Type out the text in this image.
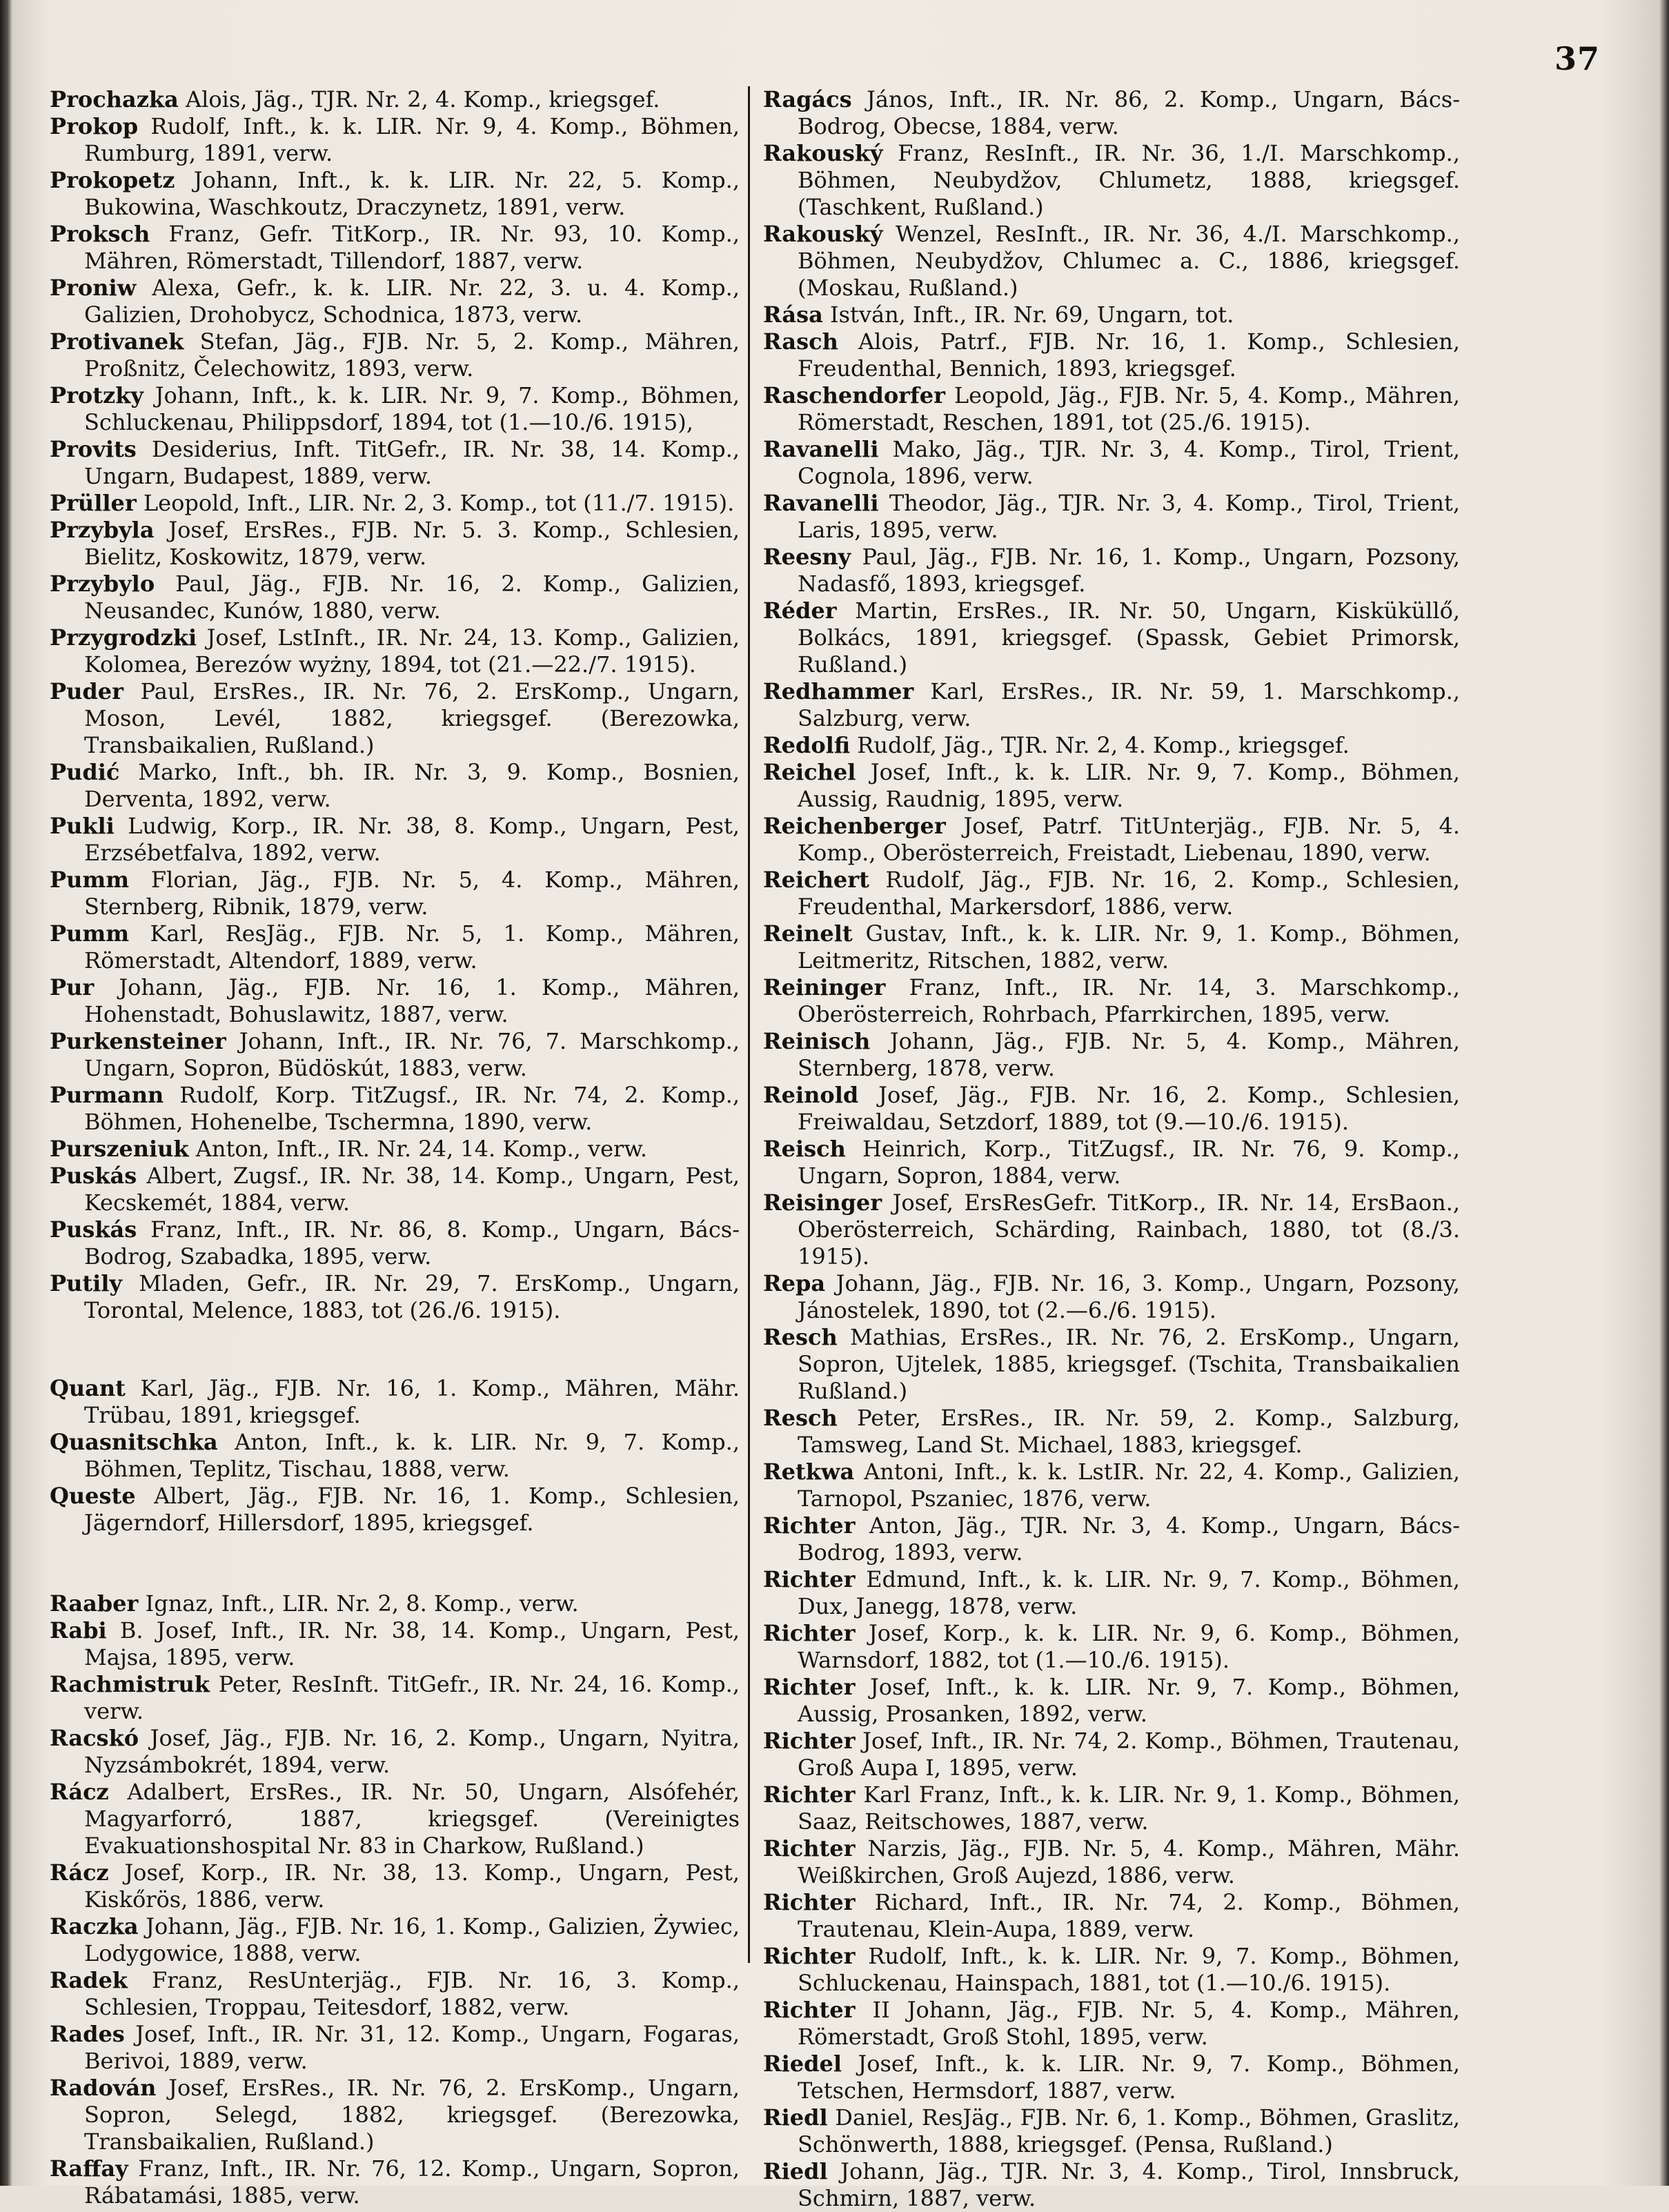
37
Prochazka Alois, Jäg., TJR. Nr. 2, 4. Komp., kriegsgef.
Prokop Rudolf, Inft., k. k. LIR. Nr. 9, 4. Komp., Böhmen, Rumburg, 1891, verw.
Prokopetz Johann, Inft., k. k. LIR. Nr. 22, 5. Komp., Bukowina, Waschkoutz, Draczynetz, 1891, verw.
Proksch Franz, Gefr. TitKorp., IR. Nr. 93, 10. Komp., Mähren, Römerstadt, Tillendorf, 1887, verw.
Proniw Alexa, Gefr., k. k. LIR. Nr. 22, 3. u. 4. Komp., Galizien, Drohobycz, Schodnica, 1873, verw.
Protivanek Stefan, Jäg., FJB. Nr. 5, 2. Komp., Mähren, Proßnitz, Čelechowitz, 1893, verw.
Protzky Johann, Inft., k. k. LIR. Nr. 9, 7. Komp., Böhmen, Schluckenau, Philippsdorf, 1894, tot (1.—10./6. 1915),
Provits Desiderius, Inft. TitGefr., IR. Nr. 38, 14. Komp., Ungarn, Budapest, 1889, verw.
Prüller Leopold, Inft., LIR. Nr. 2, 3. Komp., tot (11./7. 1915).
Przybyla Josef, ErsRes., FJB. Nr. 5. 3. Komp., Schlesien, Bielitz, Koskowitz, 1879, verw.
Przybylo Paul, Jäg., FJB. Nr. 16, 2. Komp., Galizien, Neusandec, Kunów, 1880, verw.
Przygrodzki Josef, LstInft., IR. Nr. 24, 13. Komp., Galizien, Kolomea, Berezów wyżny, 1894, tot (21.—22./7. 1915).
Puder Paul, ErsRes., IR. Nr. 76, 2. ErsKomp., Ungarn, Moson, Levél, 1882, kriegsgef. (Berezowka, Transbaikalien, Rußland.)
Pudić Marko, Inft., bh. IR. Nr. 3, 9. Komp., Bosnien, Derventa, 1892, verw.
Pukli Ludwig, Korp., IR. Nr. 38, 8. Komp., Ungarn, Pest, Erzsébetfalva, 1892, verw.
Pumm Florian, Jäg., FJB. Nr. 5, 4. Komp., Mähren, Sternberg, Ribnik, 1879, verw.
Pumm Karl, ResJäg., FJB. Nr. 5, 1. Komp., Mähren, Römerstadt, Altendorf, 1889, verw.
Pur Johann, Jäg., FJB. Nr. 16, 1. Komp., Mähren, Hohenstadt, Bohuslawitz, 1887, verw.
Purkensteiner Johann, Inft., IR. Nr. 76, 7. Marschkomp., Ungarn, Sopron, Büdöskút, 1883, verw.
Purmann Rudolf, Korp. TitZugsf., IR. Nr. 74, 2. Komp., Böhmen, Hohenelbe, Tschermna, 1890, verw.
Purszeniuk Anton, Inft., IR. Nr. 24, 14. Komp., verw.
Puskás Albert, Zugsf., IR. Nr. 38, 14. Komp., Ungarn, Pest, Kecskemét, 1884, verw.
Puskás Franz, Inft., IR. Nr. 86, 8. Komp., Ungarn, Bács-Bodrog, Szabadka, 1895, verw.
Putily Mladen, Gefr., IR. Nr. 29, 7. ErsKomp., Ungarn, Torontal, Melence, 1883, tot (26./6. 1915).
Quant Karl, Jäg., FJB. Nr. 16, 1. Komp., Mähren, Mähr. Trübau, 1891, kriegsgef.
Quasnitschka Anton, Inft., k. k. LIR. Nr. 9, 7. Komp., Böhmen, Teplitz, Tischau, 1888, verw.
Queste Albert, Jäg., FJB. Nr. 16, 1. Komp., Schlesien, Jägerndorf, Hillersdorf, 1895, kriegsgef.
Raaber Ignaz, Inft., LIR. Nr. 2, 8. Komp., verw.
Rabi B. Josef, Inft., IR. Nr. 38, 14. Komp., Ungarn, Pest, Majsa, 1895, verw.
Rachmistruk Peter, ResInft. TitGefr., IR. Nr. 24, 16. Komp., verw.
Racskó Josef, Jäg., FJB. Nr. 16, 2. Komp., Ungarn, Nyitra, Nyzsámbokrét, 1894, verw.
Rácz Adalbert, ErsRes., IR. Nr. 50, Ungarn, Alsófehér, Magyarforró, 1887, kriegsgef. (Vereinigtes Evakuationshospital Nr. 83 in Charkow, Rußland.)
Rácz Josef, Korp., IR. Nr. 38, 13. Komp., Ungarn, Pest, Kiskőrös, 1886, verw.
Raczka Johann, Jäg., FJB. Nr. 16, 1. Komp., Galizien, Żywiec, Lodygowice, 1888, verw.
Radek Franz, ResUnterjäg., FJB. Nr. 16, 3. Komp., Schlesien, Troppau, Teitesdorf, 1882, verw.
Rades Josef, Inft., IR. Nr. 31, 12. Komp., Ungarn, Fogaras, Berivoi, 1889, verw.
Radován Josef, ErsRes., IR. Nr. 76, 2. ErsKomp., Ungarn, Sopron, Selegd, 1882, kriegsgef. (Berezowka, Transbaikalien, Rußland.)
Raffay Franz, Inft., IR. Nr. 76, 12. Komp., Ungarn, Sopron, Rábatamási, 1885, verw.
Ragács János, Inft., IR. Nr. 86, 2. Komp., Ungarn, Bács-Bodrog, Obecse, 1884, verw.
Rakouský Franz, ResInft., IR. Nr. 36, 1./I. Marschkomp., Böhmen, Neubydžov, Chlumetz, 1888, kriegsgef. (Taschkent, Rußland.)
Rakouský Wenzel, ResInft., IR. Nr. 36, 4./I. Marschkomp., Böhmen, Neubydžov, Chlumec a. C., 1886, kriegsgef. (Moskau, Rußland.)
Rása István, Inft., IR. Nr. 69, Ungarn, tot.
Rasch Alois, Patrf., FJB. Nr. 16, 1. Komp., Schlesien, Freudenthal, Bennich, 1893, kriegsgef.
Raschendorfer Leopold, Jäg., FJB. Nr. 5, 4. Komp., Mähren, Römerstadt, Reschen, 1891, tot (25./6. 1915).
Ravanelli Mako, Jäg., TJR. Nr. 3, 4. Komp., Tirol, Trient, Cognola, 1896, verw.
Ravanelli Theodor, Jäg., TJR. Nr. 3, 4. Komp., Tirol, Trient, Laris, 1895, verw.
Reesny Paul, Jäg., FJB. Nr. 16, 1. Komp., Ungarn, Pozsony, Nadasfő, 1893, kriegsgef.
Réder Martin, ErsRes., IR. Nr. 50, Ungarn, Kisküküllő, Bolkács, 1891, kriegsgef. (Spassk, Gebiet Primorsk, Rußland.)
Redhammer Karl, ErsRes., IR. Nr. 59, 1. Marschkomp., Salzburg, verw.
Redolfi Rudolf, Jäg., TJR. Nr. 2, 4. Komp., kriegsgef.
Reichel Josef, Inft., k. k. LIR. Nr. 9, 7. Komp., Böhmen, Aussig, Raudnig, 1895, verw.
Reichenberger Josef, Patrf. TitUnterjäg., FJB. Nr. 5, 4. Komp., Oberösterreich, Freistadt, Liebenau, 1890, verw.
Reichert Rudolf, Jäg., FJB. Nr. 16, 2. Komp., Schlesien, Freudenthal, Markersdorf, 1886, verw.
Reinelt Gustav, Inft., k. k. LIR. Nr. 9, 1. Komp., Böhmen, Leitmeritz, Ritschen, 1882, verw.
Reininger Franz, Inft., IR. Nr. 14, 3. Marschkomp., Oberösterreich, Rohrbach, Pfarrkirchen, 1895, verw.
Reinisch Johann, Jäg., FJB. Nr. 5, 4. Komp., Mähren, Sternberg, 1878, verw.
Reinold Josef, Jäg., FJB. Nr. 16, 2. Komp., Schlesien, Freiwaldau, Setzdorf, 1889, tot (9.—10./6. 1915).
Reisch Heinrich, Korp., TitZugsf., IR. Nr. 76, 9. Komp., Ungarn, Sopron, 1884, verw.
Reisinger Josef, ErsResGefr. TitKorp., IR. Nr. 14, ErsBaon., Oberösterreich, Schärding, Rainbach, 1880, tot (8./3. 1915).
Repa Johann, Jäg., FJB. Nr. 16, 3. Komp., Ungarn, Pozsony, Jánostelek, 1890, tot (2.—6./6. 1915).
Resch Mathias, ErsRes., IR. Nr. 76, 2. ErsKomp., Ungarn, Sopron, Ujtelek, 1885, kriegsgef. (Tschita, Transbaikalien Rußland.)
Resch Peter, ErsRes., IR. Nr. 59, 2. Komp., Salzburg, Tamsweg, Land St. Michael, 1883, kriegsgef.
Retkwa Antoni, Inft., k. k. LstIR. Nr. 22, 4. Komp., Galizien, Tarnopol, Pszaniec, 1876, verw.
Richter Anton, Jäg., TJR. Nr. 3, 4. Komp., Ungarn, Bács-Bodrog, 1893, verw.
Richter Edmund, Inft., k. k. LIR. Nr. 9, 7. Komp., Böhmen, Dux, Janegg, 1878, verw.
Richter Josef, Korp., k. k. LIR. Nr. 9, 6. Komp., Böhmen, Warnsdorf, 1882, tot (1.—10./6. 1915).
Richter Josef, Inft., k. k. LIR. Nr. 9, 7. Komp., Böhmen, Aussig, Prosanken, 1892, verw.
Richter Josef, Inft., IR. Nr. 74, 2. Komp., Böhmen, Trautenau, Groß Aupa I, 1895, verw.
Richter Karl Franz, Inft., k. k. LIR. Nr. 9, 1. Komp., Böhmen, Saaz, Reitschowes, 1887, verw.
Richter Narzis, Jäg., FJB. Nr. 5, 4. Komp., Mähren, Mähr. Weißkirchen, Groß Aujezd, 1886, verw.
Richter Richard, Inft., IR. Nr. 74, 2. Komp., Böhmen, Trautenau, Klein-Aupa, 1889, verw.
Richter Rudolf, Inft., k. k. LIR. Nr. 9, 7. Komp., Böhmen, Schluckenau, Hainspach, 1881, tot (1.—10./6. 1915).
Richter II Johann, Jäg., FJB. Nr. 5, 4. Komp., Mähren, Römerstadt, Groß Stohl, 1895, verw.
Riedel Josef, Inft., k. k. LIR. Nr. 9, 7. Komp., Böhmen, Tetschen, Hermsdorf, 1887, verw.
Riedl Daniel, ResJäg., FJB. Nr. 6, 1. Komp., Böhmen, Graslitz, Schönwerth, 1888, kriegsgef. (Pensa, Rußland.)
Riedl Johann, Jäg., TJR. Nr. 3, 4. Komp., Tirol, Innsbruck, Schmirn, 1887, verw.
